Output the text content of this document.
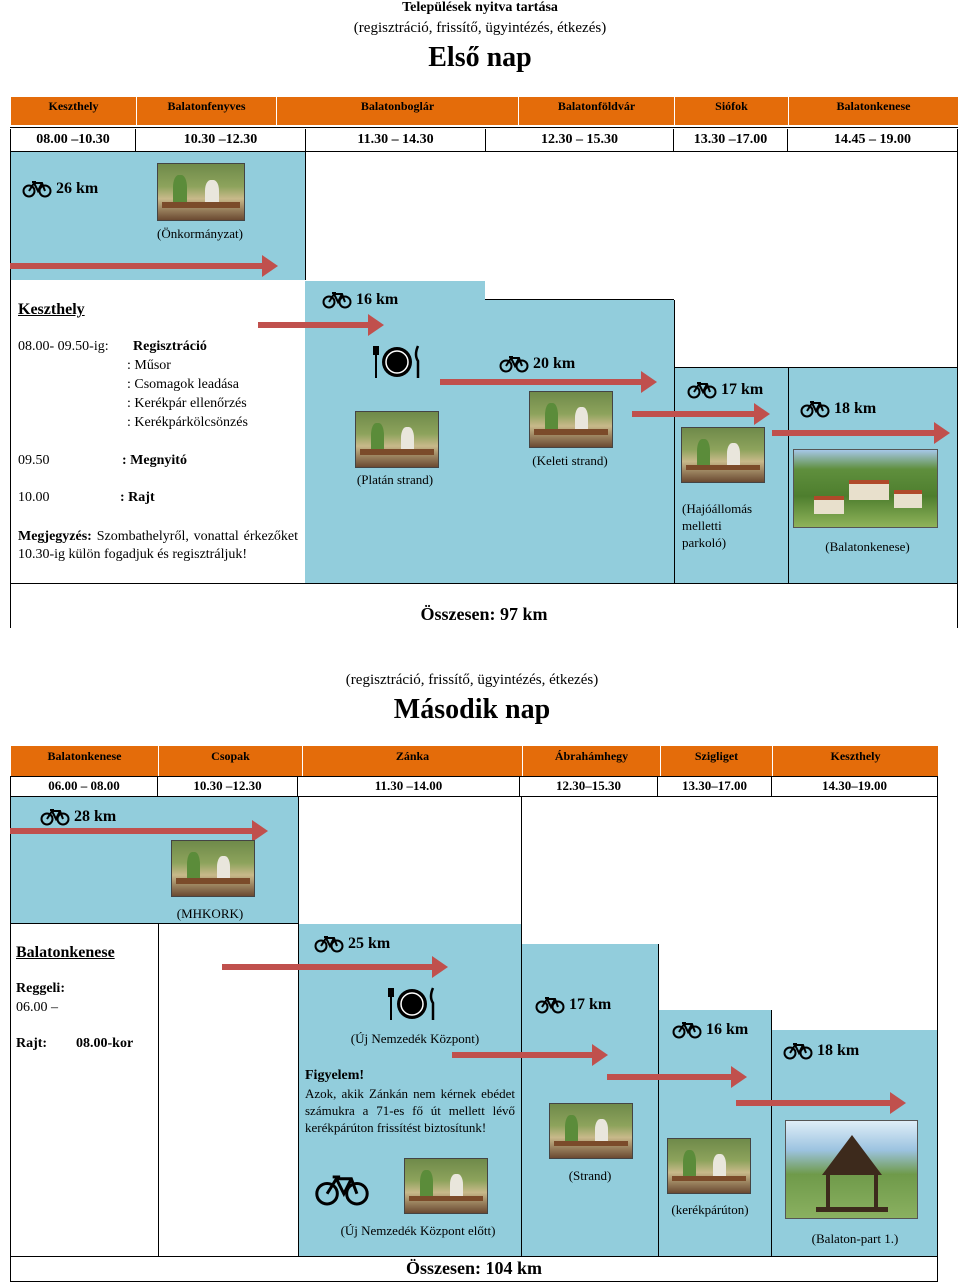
Települések nyitva tartása
(regisztráció, frissítő, ügyintézés, étkezés)
Első nap
Keszthely	Balatonfenyves	Balatonboglár	Balatonföldvár	Siófok	Balatonkenese
08.00 –10.30	10.30 –12.30	11.30 – 14.30	12.30 – 15.30	13.30 –17.00	14.45 – 19.00
26 km
(Önkormányzat)
Keszthely
08.00- 09.50-ig: Regisztráció
: Műsor
: Csomagok leadása
: Kerékpár ellenőrzés
: Kerékpárkölcsönzés
09.50	: Megnyitó
10.00	: Rajt
Megjegyzés: Szombathelyről, vonattal érkezőket 10.30-ig külön fogadjuk és regisztráljuk!
16 km
(Platán strand)
20 km
(Keleti strand)
17 km
(Hajóállomás
melletti
parkoló)
18 km
(Balatonkenese)
Összesen: 97 km
(regisztráció, frissítő, ügyintézés, étkezés)
Második nap
Balatonkenese	Csopak	Zánka	Ábrahámhegy	Szigliget	Keszthely
06.00 – 08.00	10.30 –12.30	11.30 –14.00	12.30–15.30	13.30–17.00	14.30–19.00
28 km
(MHKORK)
Balatonkenese
Reggeli:
06.00 –
Rajt: 08.00-kor
25 km
(Új Nemzedék Központ)
Figyelem!
Azok, akik Zánkán nem kérnek ebédet számukra a 71-es fő út mellett lévő kerékpárúton frissítést biztosítunk!
(Új Nemzedék Központ előtt)
17 km
(Strand)
16 km
(kerékpárúton)
18 km
(Balaton-part 1.)
Összesen: 104 km
